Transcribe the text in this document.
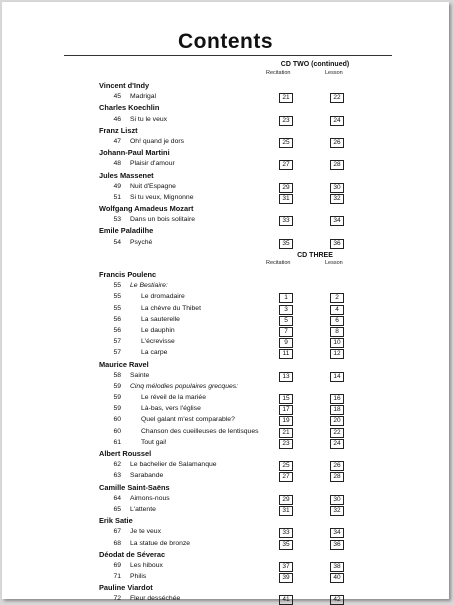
Contents
CD TWO (continued)
Recitation	Lesson
Vincent d'Indy
45 Madrigal	21	22
Charles Koechlin
46 Si tu le veux	23	24
Franz Liszt
47 Oh! quand je dors	25	26
Johann-Paul Martini
48 Plaisir d'amour	27	28
Jules Massenet
49 Nuit d'Espagne	29	30
51 Si tu veux, Mignonne	31	32
Wolfgang Amadeus Mozart
53 Dans un bois solitaire	33	34
Emile Paladilhe
54 Psyché	35	36
CD THREE
Recitation	Lesson
Francis Poulenc
55 Le Bestiaire:
55	Le dromadaire	1	2
55	La chèvre du Thibet	3	4
56	La sauterelle	5	6
56	Le dauphin	7	8
57	L'écrevisse	9	10
57	La carpe	11	12
Maurice Ravel
58 Sainte	13	14
59 Cinq mélodies populaires grecques:
59	Le réveil de la mariée	15	16
59	Là-bas, vers l'église	17	18
60	Quel galant m'est comparable?	19	20
60	Chanson des cueilleuses de lentisques	21	22
61	Tout gai!	23	24
Albert Roussel
62 Le bachelier de Salamanque	25	26
63 Sarabande	27	28
Camille Saint-Saëns
64 Aimons-nous	29	30
65 L'attente	31	32
Erik Satie
67 Je te veux	33	34
68 La statue de bronze	35	36
Déodat de Séverac
69 Les hiboux	37	38
71 Philis	39	40
Pauline Viardot
72 Fleur desséchée	41	42
